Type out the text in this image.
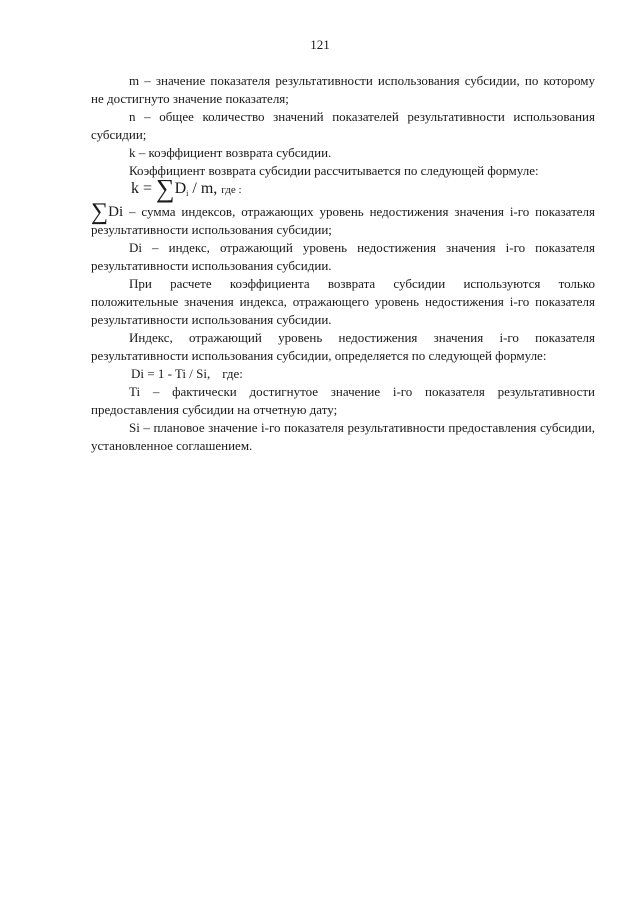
121

m – значение показателя результативности использования субсидии, по которому не достигнуто значение показателя;

n – общее количество значений показателей результативности использования субсидии;

k – коэффициент возврата субсидии.

Коэффициент возврата субсидии рассчитывается по следующей формуле:

k = ∑Di / m, где :

∑Di – сумма индексов, отражающих уровень недостижения значения i-го показателя результативности использования субсидии;

Di – индекс, отражающий уровень недостижения значения i-го показателя результативности использования субсидии.

При расчете коэффициента возврата субсидии используются только положительные значения индекса, отражающего уровень недостижения i-го показателя результативности использования субсидии.

Индекс, отражающий уровень недостижения значения i-го показателя результативности использования субсидии, определяется по следующей формуле:

Di = 1 - Ti / Si, где:

Ti – фактически достигнутое значение i-го показателя результативности предоставления субсидии на отчетную дату;

Si – плановое значение i-го показателя результативности предоставления субсидии, установленное соглашением.
